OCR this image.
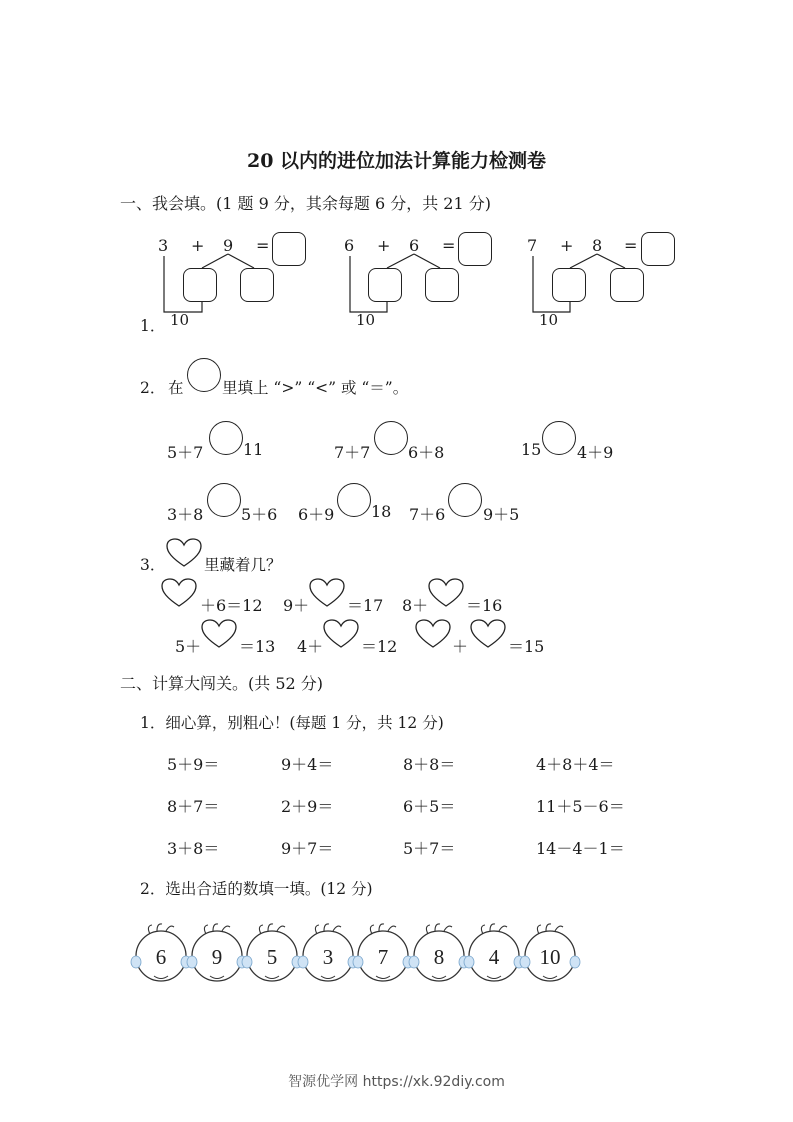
20 以内的进位加法计算能力检测卷
一、我会填。(1 题 9 分，其余每题 6 分，共 21 分)
3 + 9 =
10
6 + 6 =
10
7 + 8 =
10
1．
2． 在 里填上 “>” “<” 或 “＝”。
5＋7 11	7＋7 6＋8	15 4＋9
3＋8 5＋6 6＋9 18 7＋6 9＋5
3． 里藏着几？
＋6＝12 9＋ ＝17 8＋ ＝16
5＋ ＝13 4＋ ＝12	＋ ＝15
二、计算大闯关。(共 52 分)
1．细心算，别粗心！(每题 1 分，共 12 分)
5＋9＝	9＋4＝	8＋8＝	4＋8＋4＝
8＋7＝	2＋9＝	6＋5＝	11＋5－6＝
3＋8＝	9＋7＝	5＋7＝	14－4－1＝
2．选出合适的数填一填。(12 分)
6 9 5 3 7 8 4 10
智源优学网 https://xk.92diy.com
